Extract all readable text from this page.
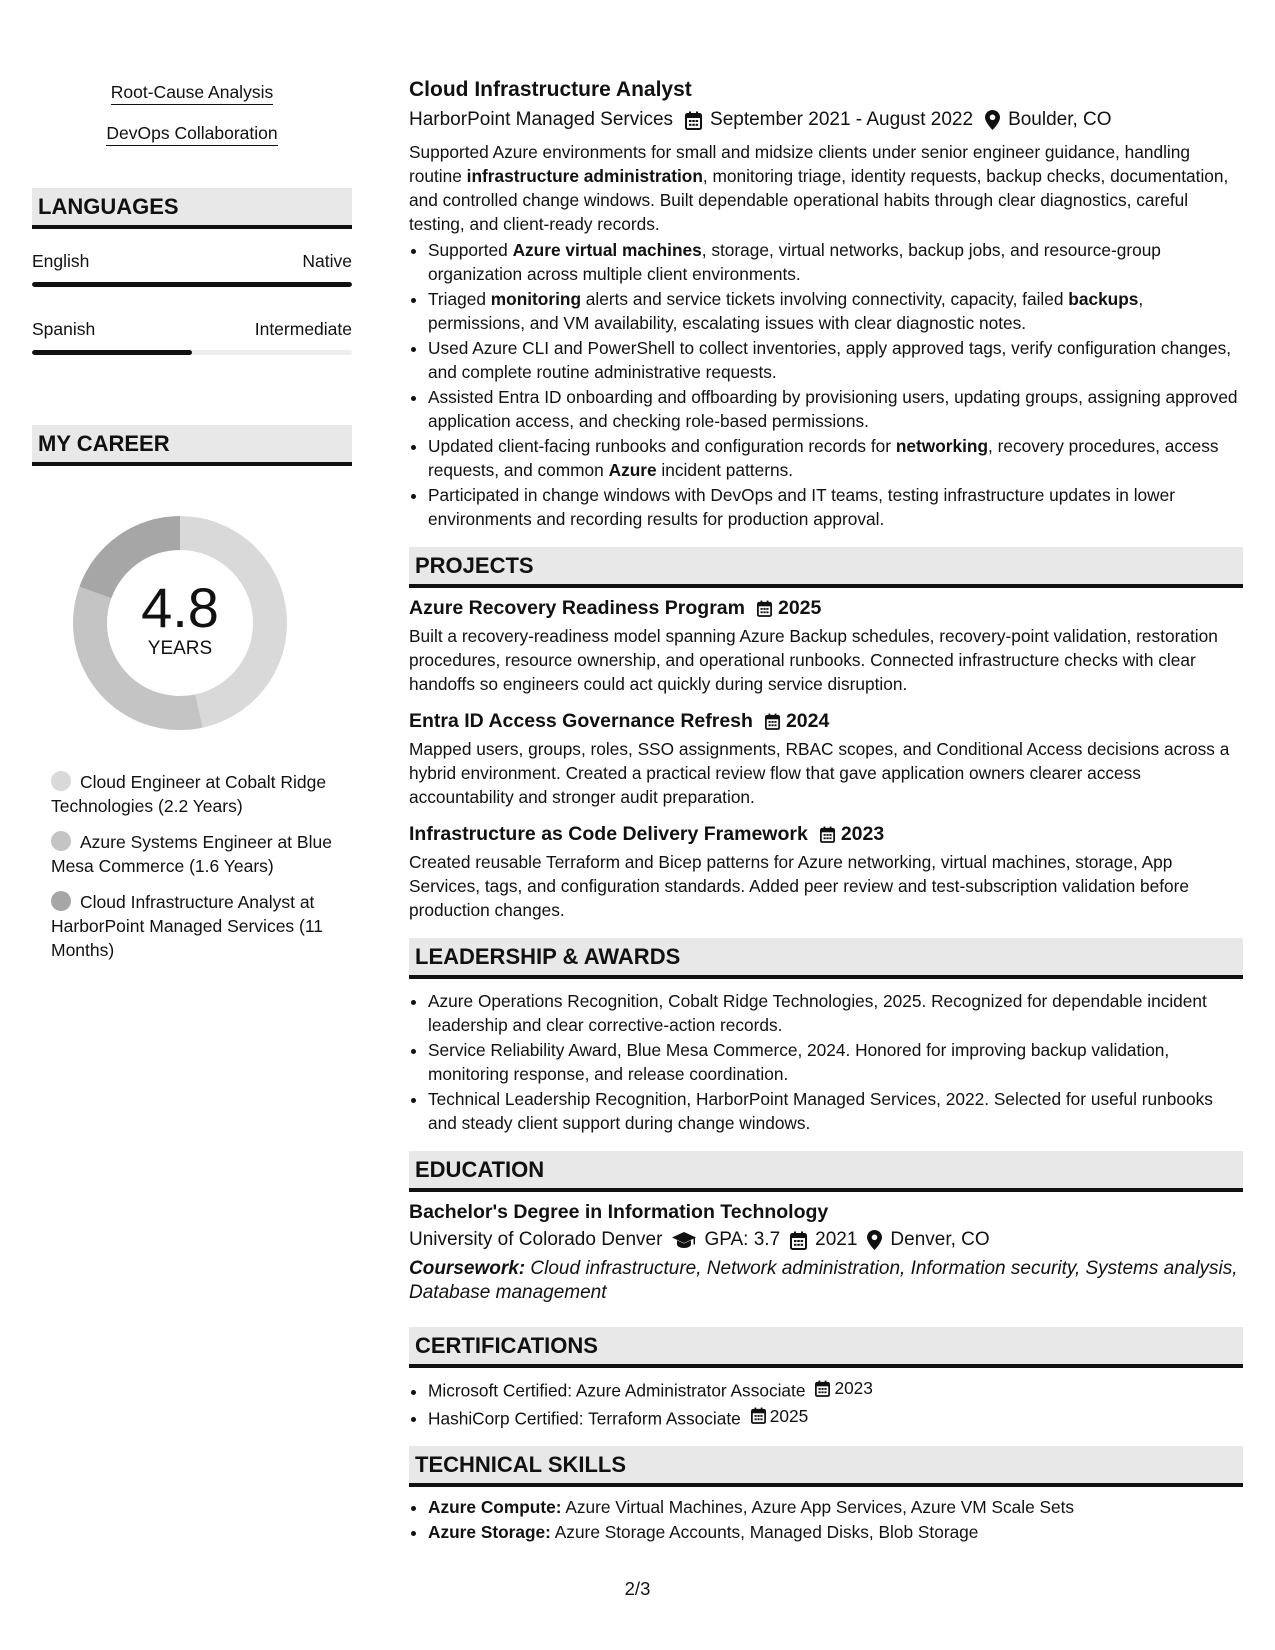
Root-Cause Analysis
DevOps Collaboration
LANGUAGES
English	Native
Spanish	Intermediate
MY CAREER
4.8
YEARS
Cloud Engineer at Cobalt Ridge Technologies (2.2 Years)
Azure Systems Engineer at Blue Mesa Commerce (1.6 Years)
Cloud Infrastructure Analyst at HarborPoint Managed Services (11 Months)
Cloud Infrastructure Analyst
HarborPoint Managed Services September 2021 - August 2022 Boulder, CO
Supported Azure environments for small and midsize clients under senior engineer guidance, handling routine infrastructure administration, monitoring triage, identity requests, backup checks, documentation, and controlled change windows. Built dependable operational habits through clear diagnostics, careful testing, and client-ready records.
• Supported Azure virtual machines, storage, virtual networks, backup jobs, and resource-group organization across multiple client environments.
• Triaged monitoring alerts and service tickets involving connectivity, capacity, failed backups, permissions, and VM availability, escalating issues with clear diagnostic notes.
• Used Azure CLI and PowerShell to collect inventories, apply approved tags, verify configuration changes, and complete routine administrative requests.
• Assisted Entra ID onboarding and offboarding by provisioning users, updating groups, assigning approved application access, and checking role-based permissions.
• Updated client-facing runbooks and configuration records for networking, recovery procedures, access requests, and common Azure incident patterns.
• Participated in change windows with DevOps and IT teams, testing infrastructure updates in lower environments and recording results for production approval.
PROJECTS
Azure Recovery Readiness Program 2025
Built a recovery-readiness model spanning Azure Backup schedules, recovery-point validation, restoration procedures, resource ownership, and operational runbooks. Connected infrastructure checks with clear handoffs so engineers could act quickly during service disruption.
Entra ID Access Governance Refresh 2024
Mapped users, groups, roles, SSO assignments, RBAC scopes, and Conditional Access decisions across a hybrid environment. Created a practical review flow that gave application owners clearer access accountability and stronger audit preparation.
Infrastructure as Code Delivery Framework 2023
Created reusable Terraform and Bicep patterns for Azure networking, virtual machines, storage, App Services, tags, and configuration standards. Added peer review and test-subscription validation before production changes.
LEADERSHIP & AWARDS
• Azure Operations Recognition, Cobalt Ridge Technologies, 2025. Recognized for dependable incident leadership and clear corrective-action records.
• Service Reliability Award, Blue Mesa Commerce, 2024. Honored for improving backup validation, monitoring response, and release coordination.
• Technical Leadership Recognition, HarborPoint Managed Services, 2022. Selected for useful runbooks and steady client support during change windows.
EDUCATION
Bachelor's Degree in Information Technology
University of Colorado Denver GPA: 3.7 2021 Denver, CO
Coursework: Cloud infrastructure, Network administration, Information security, Systems analysis, Database management
CERTIFICATIONS
• Microsoft Certified: Azure Administrator Associate 2023
• HashiCorp Certified: Terraform Associate 2025
TECHNICAL SKILLS
• Azure Compute: Azure Virtual Machines, Azure App Services, Azure VM Scale Sets
• Azure Storage: Azure Storage Accounts, Managed Disks, Blob Storage
2/3
